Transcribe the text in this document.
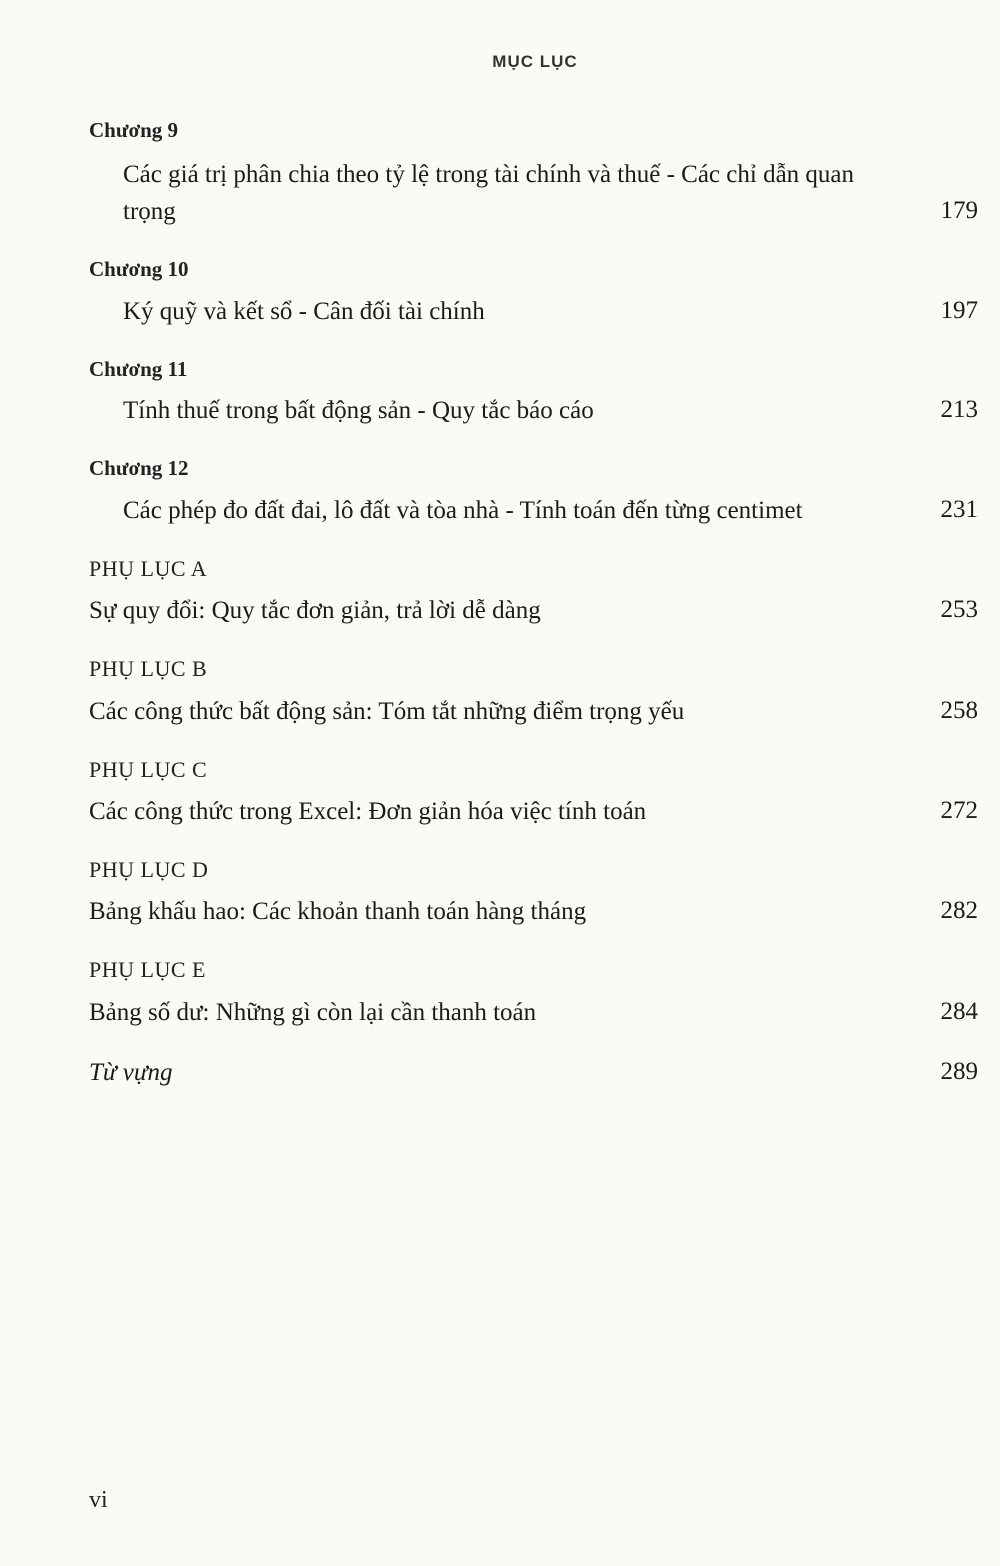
MỤC LỤC
Chương 9
Các giá trị phân chia theo tỷ lệ trong tài chính và thuế - Các chỉ dẫn quan trọng	179
Chương 10
Ký quỹ và kết sổ - Cân đối tài chính	197
Chương 11
Tính thuế trong bất động sản - Quy tắc báo cáo	213
Chương 12
Các phép đo đất đai, lô đất và tòa nhà - Tính toán đến từng centimet	231
PHỤ LỤC A
Sự quy đổi: Quy tắc đơn giản, trả lời dễ dàng	253
PHỤ LỤC B
Các công thức bất động sản: Tóm tắt những điểm trọng yếu	258
PHỤ LỤC C
Các công thức trong Excel: Đơn giản hóa việc tính toán	272
PHỤ LỤC D
Bảng khấu hao: Các khoản thanh toán hàng tháng	282
PHỤ LỤC E
Bảng số dư: Những gì còn lại cần thanh toán	284
Từ vựng	289
vi
